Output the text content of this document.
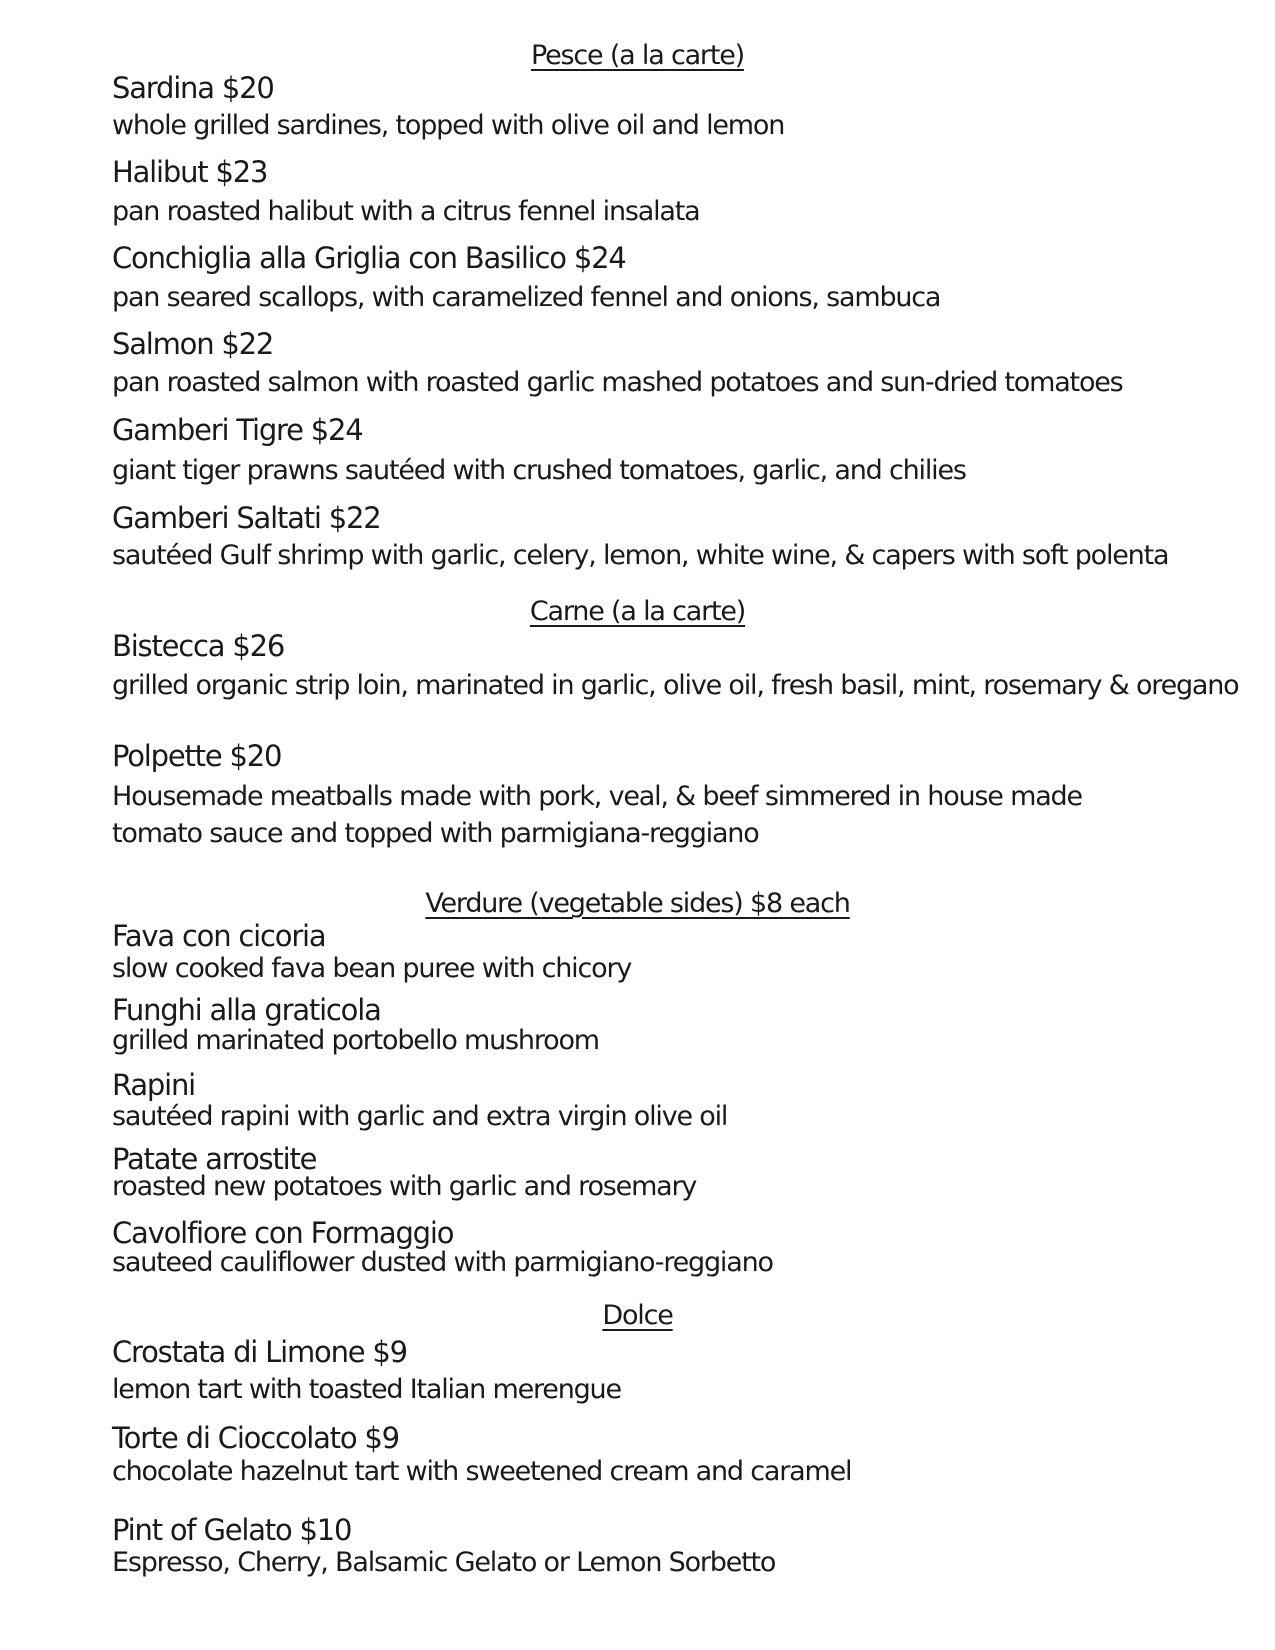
Pesce (a la carte)
Sardina $20
whole grilled sardines, topped with olive oil and lemon
Halibut $23
pan roasted halibut with a citrus fennel insalata
Conchiglia alla Griglia con Basilico $24
pan seared scallops, with caramelized fennel and onions, sambuca
Salmon $22
pan roasted salmon with roasted garlic mashed potatoes and sun-dried tomatoes
Gamberi Tigre $24
giant tiger prawns sautéed with crushed tomatoes, garlic, and chilies
Gamberi Saltati $22
sautéed Gulf shrimp with garlic, celery, lemon, white wine, & capers with soft polenta
Carne (a la carte)
Bistecca $26
grilled organic strip loin, marinated in garlic, olive oil, fresh basil, mint, rosemary & oregano
Polpette $20
Housemade meatballs made with pork, veal, & beef simmered in house made tomato sauce and topped with parmigiana-reggiano
Verdure (vegetable sides) $8 each
Fava con cicoria
slow cooked fava bean puree with chicory
Funghi alla graticola
grilled marinated portobello mushroom
Rapini
sautéed rapini with garlic and extra virgin olive oil
Patate arrostite
roasted new potatoes with garlic and rosemary
Cavolfiore con Formaggio
sauteed cauliflower dusted with parmigiano-reggiano
Dolce
Crostata di Limone $9
lemon tart with toasted Italian merengue
Torte di Cioccolato $9
chocolate hazelnut tart with sweetened cream and caramel
Pint of Gelato $10
Espresso, Cherry, Balsamic Gelato or Lemon Sorbetto
